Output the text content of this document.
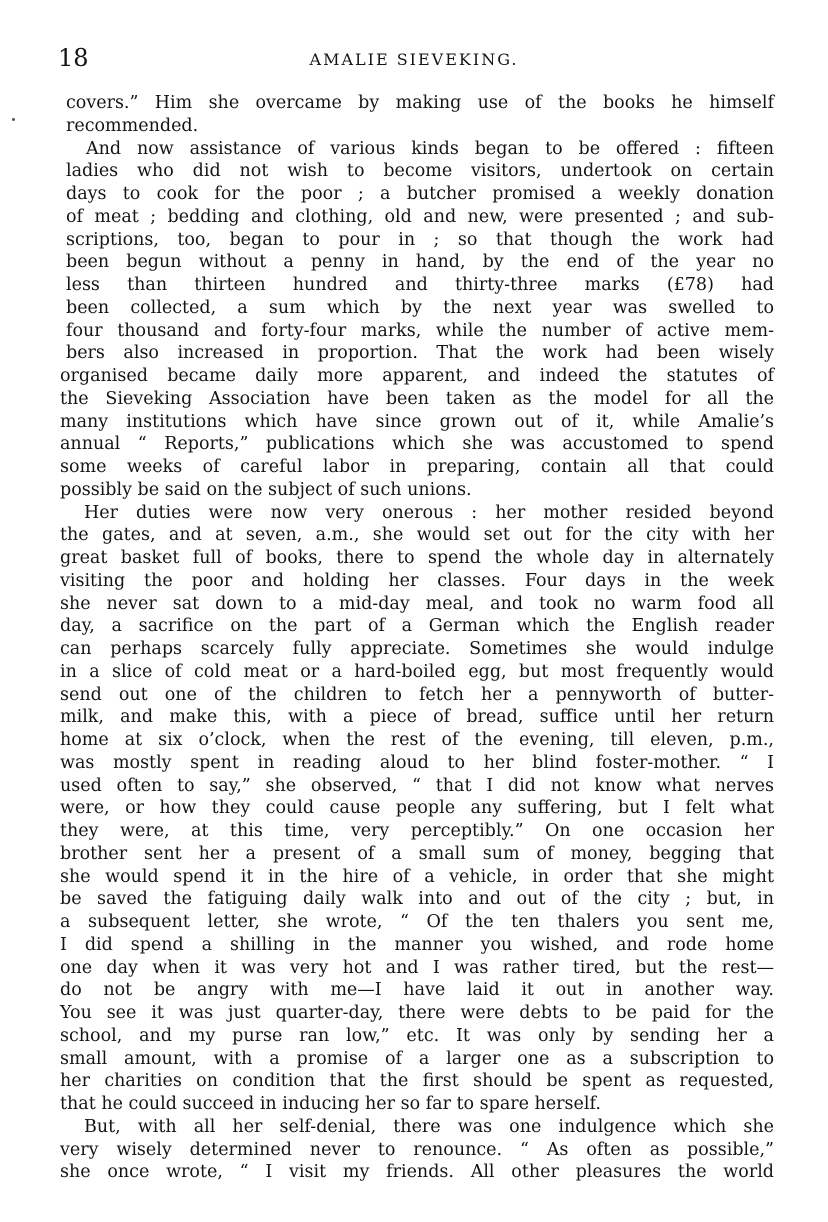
18	AMALIE SIEVEKING.
covers.” Him she overcame by making use of the books he himself
recommended.
And now assistance of various kinds began to be offered : fifteen
ladies who did not wish to become visitors, undertook on certain
days to cook for the poor ; a butcher promised a weekly donation
of meat ; bedding and clothing, old and new, were presented ; and sub-
scriptions, too, began to pour in ; so that though the work had
been begun without a penny in hand, by the end of the year no
less than thirteen hundred and thirty-three marks (£78) had
been collected, a sum which by the next year was swelled to
four thousand and forty-four marks, while the number of active mem-
bers also increased in proportion. That the work had been wisely
organised became daily more apparent, and indeed the statutes of
the Sieveking Association have been taken as the model for all the
many institutions which have since grown out of it, while Amalie’s
annual “ Reports,” publications which she was accustomed to spend
some weeks of careful labor in preparing, contain all that could
possibly be said on the subject of such unions.
Her duties were now very onerous : her mother resided beyond
the gates, and at seven, a.m., she would set out for the city with her
great basket full of books, there to spend the whole day in alternately
visiting the poor and holding her classes. Four days in the week
she never sat down to a mid-day meal, and took no warm food all
day, a sacrifice on the part of a German which the English reader
can perhaps scarcely fully appreciate. Sometimes she would indulge
in a slice of cold meat or a hard-boiled egg, but most frequently would
send out one of the children to fetch her a pennyworth of butter-
milk, and make this, with a piece of bread, suffice until her return
home at six o’clock, when the rest of the evening, till eleven, p.m.,
was mostly spent in reading aloud to her blind foster-mother. “ I
used often to say,” she observed, “ that I did not know what nerves
were, or how they could cause people any suffering, but I felt what
they were, at this time, very perceptibly.” On one occasion her
brother sent her a present of a small sum of money, begging that
she would spend it in the hire of a vehicle, in order that she might
be saved the fatiguing daily walk into and out of the city ; but, in
a subsequent letter, she wrote, “ Of the ten thalers you sent me,
I did spend a shilling in the manner you wished, and rode home
one day when it was very hot and I was rather tired, but the rest—
do not be angry with me—I have laid it out in another way.
You see it was just quarter-day, there were debts to be paid for the
school, and my purse ran low,” etc. It was only by sending her a
small amount, with a promise of a larger one as a subscription to
her charities on condition that the first should be spent as requested,
that he could succeed in inducing her so far to spare herself.
But, with all her self-denial, there was one indulgence which she
very wisely determined never to renounce. “ As often as possible,”
she once wrote, “ I visit my friends. All other pleasures the world
